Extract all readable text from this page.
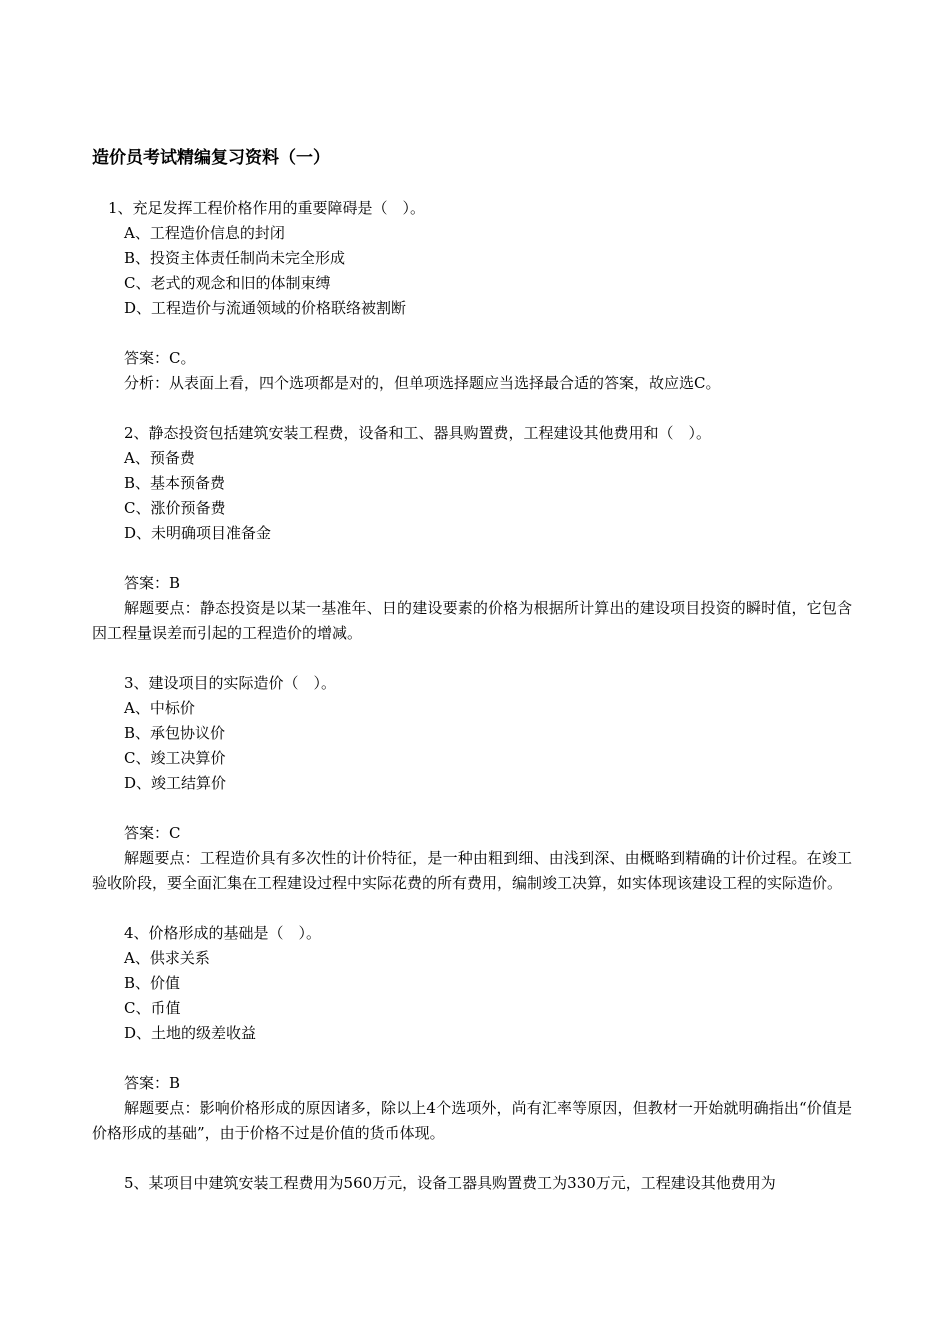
造价员考试精编复习资料（一）
1、充足发挥工程价格作用的重要障碍是（　）。
A、工程造价信息的封闭
B、投资主体责任制尚未完全形成
C、老式的观念和旧的体制束缚
D、工程造价与流通领域的价格联络被割断
答案：C。
分析：从表面上看，四个选项都是对的，但单项选择题应当选择最合适的答案，故应选C。
2、静态投资包括建筑安装工程费，设备和工、器具购置费，工程建设其他费用和（　）。
A、预备费
B、基本预备费
C、涨价预备费
D、未明确项目准备金
答案：B
解题要点：静态投资是以某一基准年、日的建设要素的价格为根据所计算出的建设项目投资的瞬时值，它包含因工程量误差而引起的工程造价的增减。
3、建设项目的实际造价（　）。
A、中标价
B、承包协议价
C、竣工决算价
D、竣工结算价
答案：C
解题要点：工程造价具有多次性的计价特征，是一种由粗到细、由浅到深、由概略到精确的计价过程。在竣工验收阶段，要全面汇集在工程建设过程中实际花费的所有费用，编制竣工决算，如实体现该建设工程的实际造价。
4、价格形成的基础是（　）。
A、供求关系
B、价值
C、币值
D、土地的级差收益
答案：B
解题要点：影响价格形成的原因诸多，除以上4个选项外，尚有汇率等原因，但教材一开始就明确指出“价值是价格形成的基础”，由于价格不过是价值的货币体现。
5、某项目中建筑安装工程费用为560万元，设备工器具购置费工为330万元，工程建设其他费用为
